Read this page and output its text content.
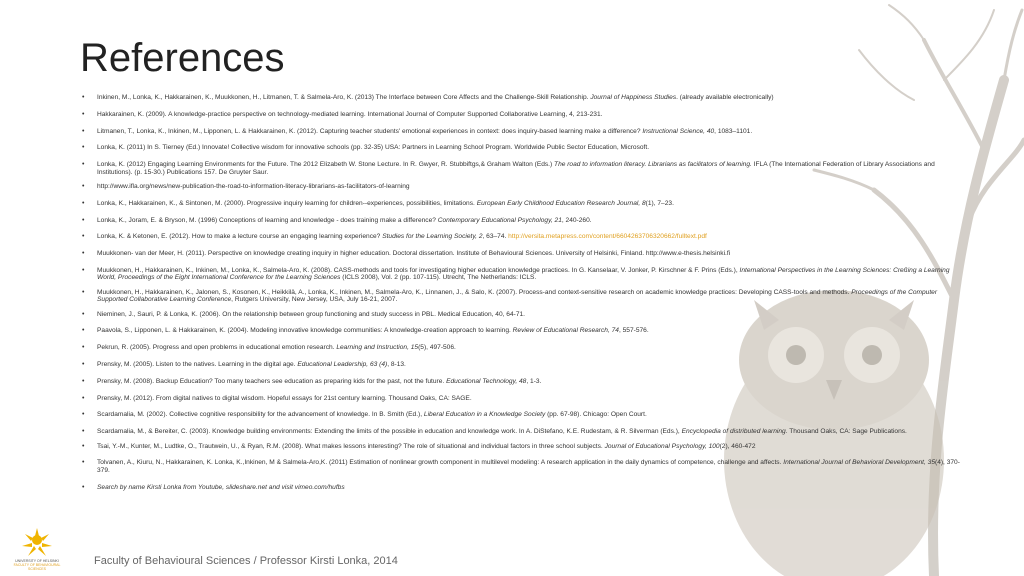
References
• Inkinen, M., Lonka, K., Hakkarainen, K., Muukkonen, H., Litmanen, T. & Salmela-Aro, K. (2013) The Interface between Core Affects and the Challenge-Skill Relationship. Journal of Happiness Studies. (already available electronically)
• Hakkarainen, K. (2009). A knowledge-practice perspective on technology-mediated learning. International Journal of Computer Supported Collaborative Learning, 4, 213-231.
• Litmanen, T., Lonka, K., Inkinen, M., Lipponen, L. & Hakkarainen, K. (2012). Capturing teacher students' emotional experiences in context: does inquiry-based learning make a difference? Instructional Science, 40, 1083–1101.
• Lonka, K. (2011) In S. Tierney (Ed.) Innovate! Collective wisdom for innovative schools (pp. 32-35) USA: Partners in Learning School Program. Worldwide Public Sector Education, Microsoft.
• Lonka, K. (2012) Engaging Learning Environments for the Future. The 2012 Elizabeth W. Stone Lecture. In R. Gwyer, R. Stubbiftgs,& Graham Walton (Eds.) The road to information literacy. Librarians as facilitators of learning. IFLA (The International Federation of Library Associations and Institutions). (p. 15-30.) Publications 157. De Gruyter Saur.
• http://www.ifla.org/news/new-publication-the-road-to-information-literacy-librarians-as-facilitators-of-learning
• Lonka, K., Hakkarainen, K., & Sintonen, M. (2000). Progressive inquiry learning for children--experiences, possibilities, limitations. European Early Childhood Education Research Journal, 8(1), 7–23.
• Lonka, K., Joram, E. & Bryson, M. (1996) Conceptions of learning and knowledge - does training make a difference? Contemporary Educational Psychology, 21, 240-260.
• Lonka, K. & Ketonen, E. (2012). How to make a lecture course an engaging learning experience? Studies for the Learning Society, 2, 63–74. http://versita.metapress.com/content/6604263706320662/fulltext.pdf
• Muukkonen- van der Meer, H. (2011). Perspective on knowledge creating inquiry in higher education. Doctoral dissertation. Institute of Behavioural Sciences. University of Helsinki, Finland. http://www.e-thesis.helsinki.fi
• Muukkonen, H., Hakkarainen, K., Inkinen, M., Lonka, K., Salmela-Aro, K. (2008). CASS-methods and tools for investigating higher education knowledge practices. In G. Kanselaar, V. Jonker, P. Kirschner & F. Prins (Eds.), International Perspectives in the Learning Sciences: Creßing a Learning World, Proceedings of the Eight International Conference for the Learning Sciences (ICLS 2008), Vol. 2 (pp. 107-115). Utrecht, The Netherlands: ICLS.
• Muukkonen, H., Hakkarainen, K., Jalonen, S., Kosonen, K., Heikkilä, A., Lonka, K., Inkinen, M., Salmela-Aro, K., Linnanen, J., & Salo, K. (2007). Process-and context-sensitive research on academic knowledge practices: Developing CASS-tools and methods. Proceedings of the Computer Supported Collaborative Learning Conference, Rutgers University, New Jersey, USA, July 16-21, 2007.
• Nieminen, J., Sauri, P. & Lonka, K. (2006). On the relationship between group functioning and study success in PBL. Medical Education, 40, 64-71.
• Paavola, S., Lipponen, L. & Hakkarainen, K. (2004). Modeling innovative knowledge communities: A knowledge-creation approach to learning. Review of Educational Research, 74, 557-576.
• Pekrun, R. (2005). Progress and open problems in educational emotion research. Learning and Instruction, 15(5), 497-506.
• Prensky, M. (2005). Listen to the natives. Learning in the digital age. Educational Leadership, 63 (4), 8-13.
• Prensky, M. (2008). Backup Education? Too many teachers see education as preparing kids for the past, not the future. Educational Technology, 48, 1-3.
• Prensky, M. (2012). From digital natives to digital wisdom. Hopeful essays for 21st century learning. Thousand Oaks, CA: SAGE.
• Scardamalia, M. (2002). Collective cognitive responsibility for the advancement of knowledge. In B. Smith (Ed.), Liberal Education in a Knowledge Society (pp. 67-98). Chicago: Open Court.
• Scardamalia, M., & Bereiter, C. (2003). Knowledge building environments: Extending the limits of the possible in education and knowledge work. In A. DiStefano, K.E. Rudestam, & R. Silverman (Eds.), Encyclopedia of distributed learning. Thousand Oaks, CA: Sage Publications.
• Tsai, Y.-M., Kunter, M., Ludtke, O., Trautwein, U., & Ryan, R.M. (2008). What makes lessons interesting? The role of situational and individual factors in three school subjects. Journal of Educational Psychology, 100(2), 460-472
• Tolvanen, A., Kiuru, N., Hakkarainen, K. Lonka, K.,Inkinen, M & Salmela-Aro,K. (2011) Estimation of nonlinear growth component in multilevel modeling: A research application in the daily dynamics of competence, challenge and affects. International Journal of Behavioral Development, 35(4), 370-379.
• Search by name Kirsti Lonka from Youtube, slideshare.net and visit vimeo.com/hufbs
UNIVERSITY OF HELSINKI
FACULTY OF BEHAVIOURAL SCIENCES
Faculty of Behavioural Sciences / Professor Kirsti Lonka, 2014
